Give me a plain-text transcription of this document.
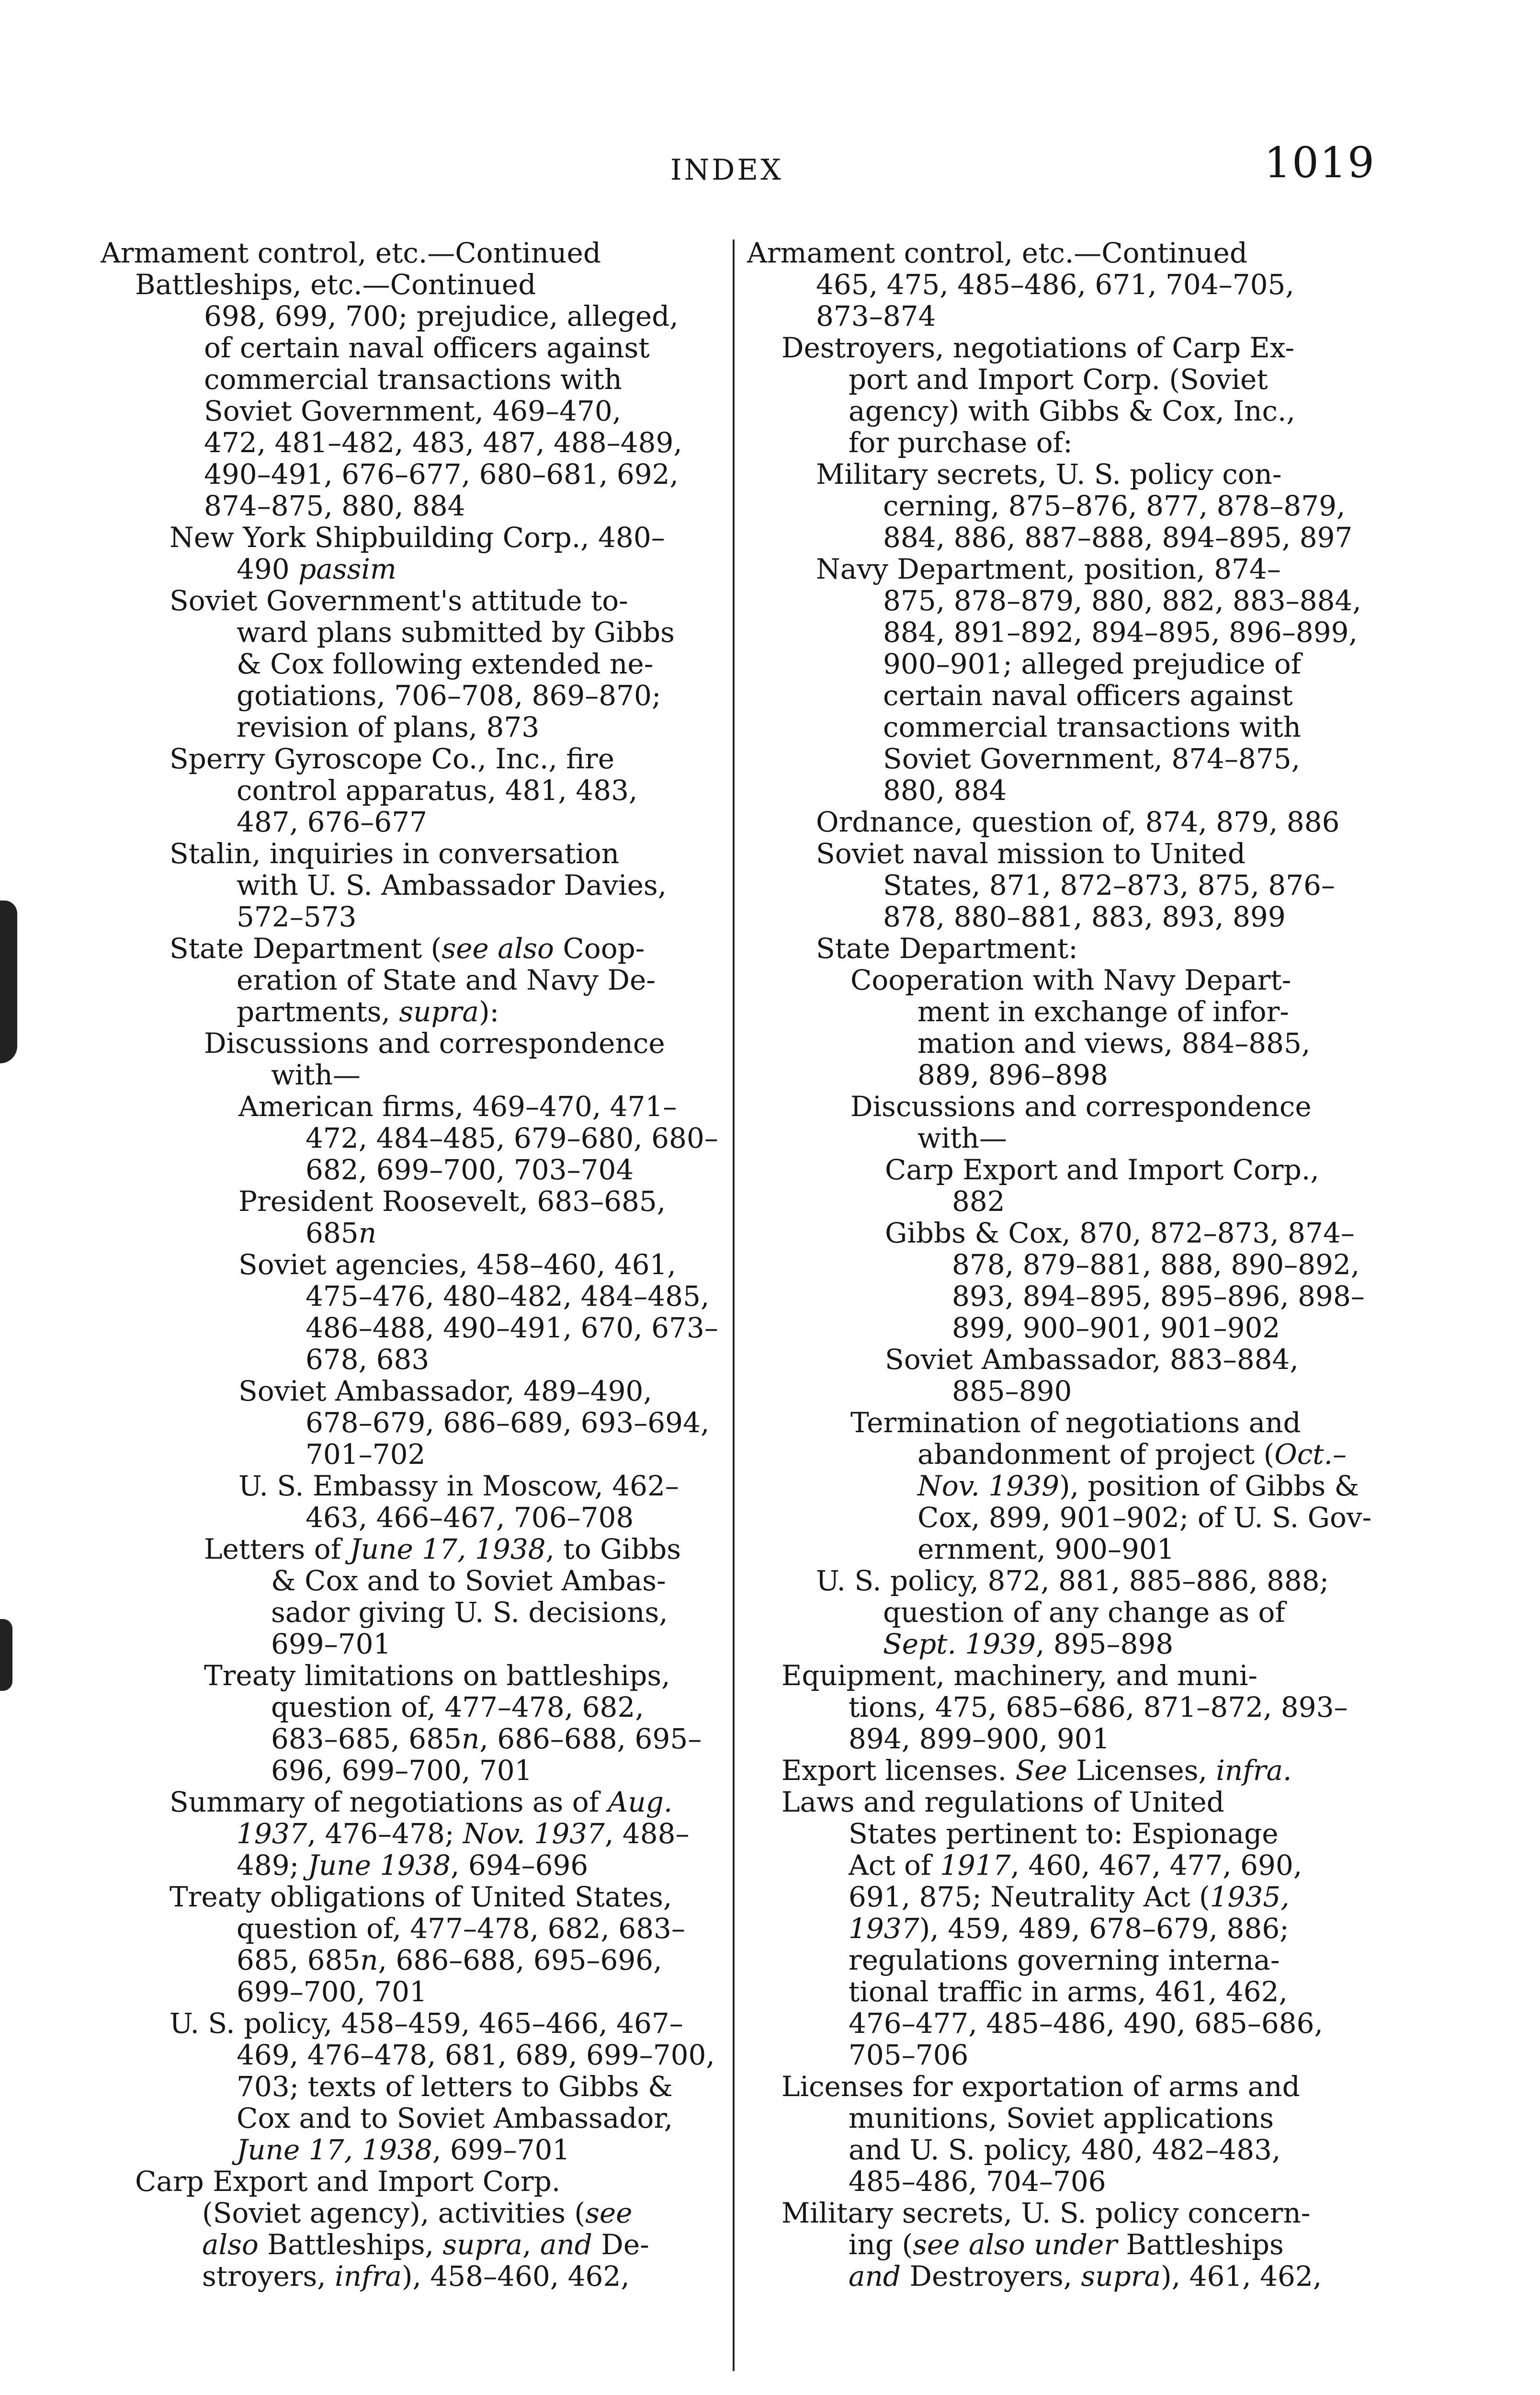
INDEX	1019
Armament control, etc.—Continued
Battleships, etc.—Continued
698, 699, 700; prejudice, alleged,
of certain naval officers against
commercial transactions with
Soviet Government, 469–470,
472, 481–482, 483, 487, 488–489,
490–491, 676–677, 680–681, 692,
874–875, 880, 884
New York Shipbuilding Corp., 480–
490 passim
Soviet Government's attitude to-
ward plans submitted by Gibbs
& Cox following extended ne-
gotiations, 706–708, 869–870;
revision of plans, 873
Sperry Gyroscope Co., Inc., fire
control apparatus, 481, 483,
487, 676–677
Stalin, inquiries in conversation
with U. S. Ambassador Davies,
572–573
State Department (see also Coop-
eration of State and Navy De-
partments, supra):
Discussions and correspondence
with—
American firms, 469–470, 471–
472, 484–485, 679–680, 680–
682, 699–700, 703–704
President Roosevelt, 683–685,
685n
Soviet agencies, 458–460, 461,
475–476, 480–482, 484–485,
486–488, 490–491, 670, 673–
678, 683
Soviet Ambassador, 489–490,
678–679, 686–689, 693–694,
701–702
U. S. Embassy in Moscow, 462–
463, 466–467, 706–708
Letters of June 17, 1938, to Gibbs
& Cox and to Soviet Ambas-
sador giving U. S. decisions,
699–701
Treaty limitations on battleships,
question of, 477–478, 682,
683–685, 685n, 686–688, 695–
696, 699–700, 701
Summary of negotiations as of Aug.
1937, 476–478; Nov. 1937, 488–
489; June 1938, 694–696
Treaty obligations of United States,
question of, 477–478, 682, 683–
685, 685n, 686–688, 695–696,
699–700, 701
U. S. policy, 458–459, 465–466, 467–
469, 476–478, 681, 689, 699–700,
703; texts of letters to Gibbs &
Cox and to Soviet Ambassador,
June 17, 1938, 699–701
Carp Export and Import Corp.
(Soviet agency), activities (see
also Battleships, supra, and De-
stroyers, infra), 458–460, 462,
Armament control, etc.—Continued
465, 475, 485–486, 671, 704–705,
873–874
Destroyers, negotiations of Carp Ex-
port and Import Corp. (Soviet
agency) with Gibbs & Cox, Inc.,
for purchase of:
Military secrets, U. S. policy con-
cerning, 875–876, 877, 878–879,
884, 886, 887–888, 894–895, 897
Navy Department, position, 874–
875, 878–879, 880, 882, 883–884,
884, 891–892, 894–895, 896–899,
900–901; alleged prejudice of
certain naval officers against
commercial transactions with
Soviet Government, 874–875,
880, 884
Ordnance, question of, 874, 879, 886
Soviet naval mission to United
States, 871, 872–873, 875, 876–
878, 880–881, 883, 893, 899
State Department:
Cooperation with Navy Depart-
ment in exchange of infor-
mation and views, 884–885,
889, 896–898
Discussions and correspondence
with—
Carp Export and Import Corp.,
882
Gibbs & Cox, 870, 872–873, 874–
878, 879–881, 888, 890–892,
893, 894–895, 895–896, 898–
899, 900–901, 901–902
Soviet Ambassador, 883–884,
885–890
Termination of negotiations and
abandonment of project (Oct.–
Nov. 1939), position of Gibbs &
Cox, 899, 901–902; of U. S. Gov-
ernment, 900–901
U. S. policy, 872, 881, 885–886, 888;
question of any change as of
Sept. 1939, 895–898
Equipment, machinery, and muni-
tions, 475, 685–686, 871–872, 893–
894, 899–900, 901
Export licenses. See Licenses, infra.
Laws and regulations of United
States pertinent to: Espionage
Act of 1917, 460, 467, 477, 690,
691, 875; Neutrality Act (1935,
1937), 459, 489, 678–679, 886;
regulations governing interna-
tional traffic in arms, 461, 462,
476–477, 485–486, 490, 685–686,
705–706
Licenses for exportation of arms and
munitions, Soviet applications
and U. S. policy, 480, 482–483,
485–486, 704–706
Military secrets, U. S. policy concern-
ing (see also under Battleships
and Destroyers, supra), 461, 462,
